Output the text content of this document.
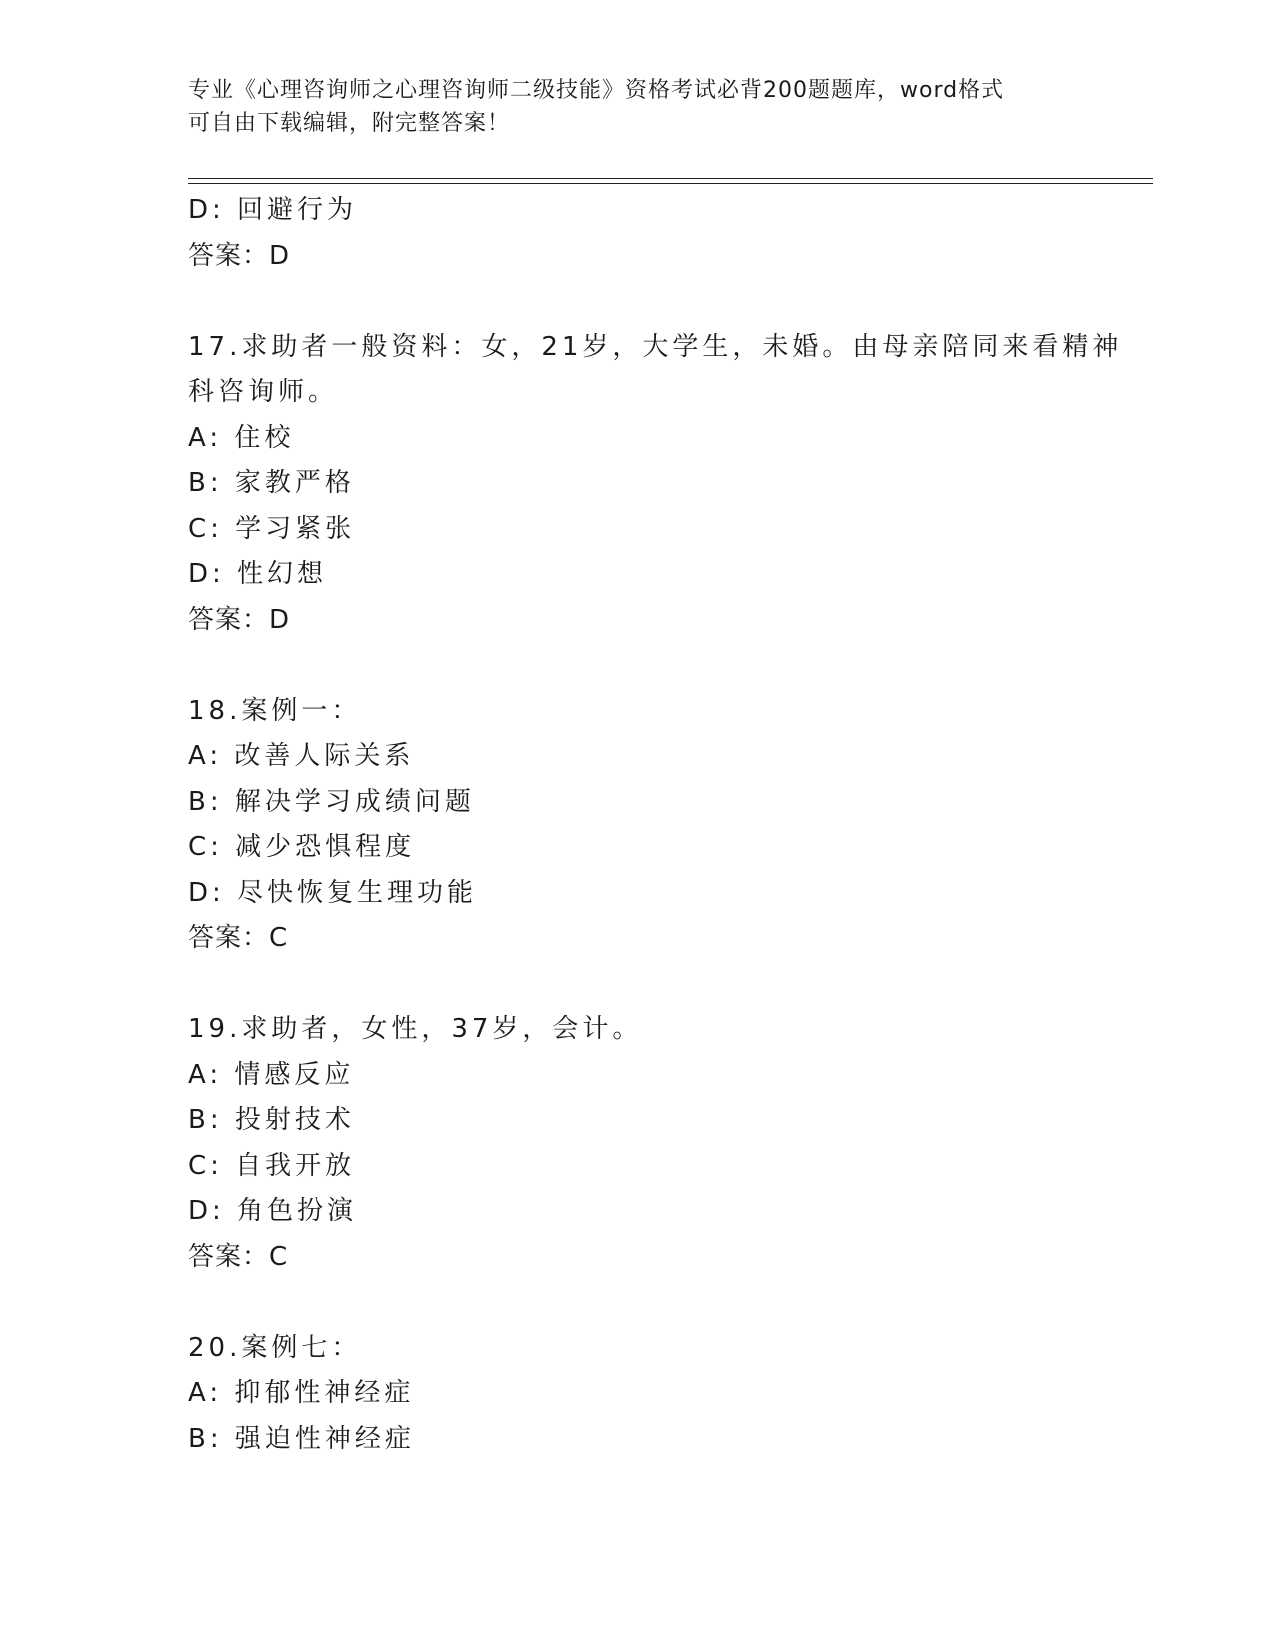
专业《心理咨询师之心理咨询师二级技能》资格考试必背200题题库，word格式
可自由下载编辑，附完整答案！
D: 回避行为
答案：D
17.求助者一般资料：女，21岁，大学生，未婚。由母亲陪同来看精神
科咨询师。
A: 住校
B: 家教严格
C: 学习紧张
D: 性幻想
答案：D
18.案例一：
A: 改善人际关系
B: 解决学习成绩问题
C: 减少恐惧程度
D: 尽快恢复生理功能
答案：C
19.求助者，女性，37岁，会计。
A: 情感反应
B: 投射技术
C: 自我开放
D: 角色扮演
答案：C
20.案例七：
A: 抑郁性神经症
B: 强迫性神经症
